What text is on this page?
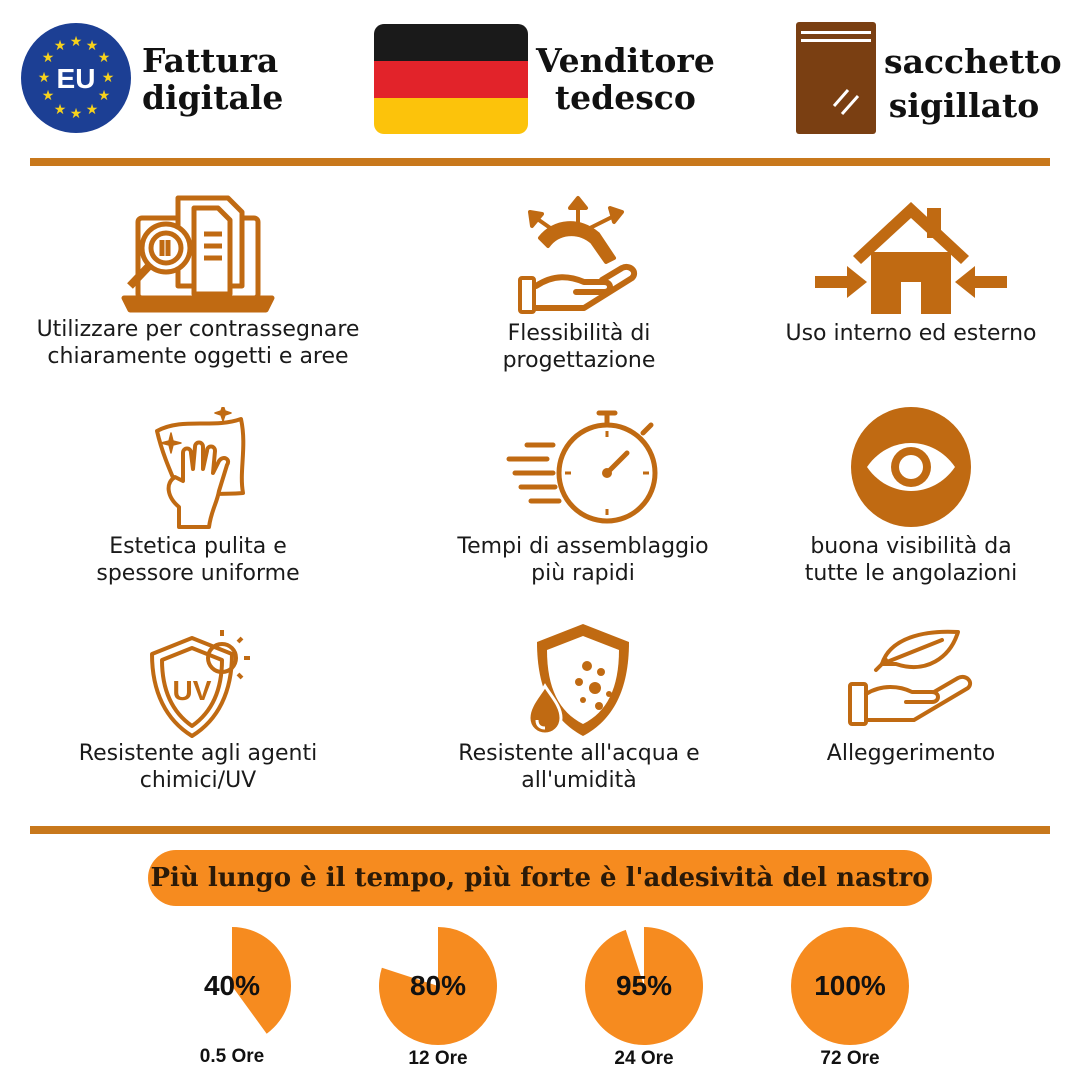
★ ★
★
★
★
★
★
★
★
★
★
★
EU Fattura
digitale
Venditore
tedesco
sacchetto
sigillato
Utilizzare per contrassegnare
chiaramente oggetti e aree
Flessibilità di
progettazione
Uso interno ed esterno
Estetica pulita e
spessore uniforme
Tempi di assemblaggio
più rapidi
buona visibilità da
tutte le angolazioni
UV
Resistente agli agenti
chimici/UV
Resistente all'acqua e
all'umidità
Alleggerimento
Più lungo è il tempo, più forte è l'adesività del nastro
40%
0.5 Ore
80%
12 Ore
95%
24 Ore
100%
72 Ore
